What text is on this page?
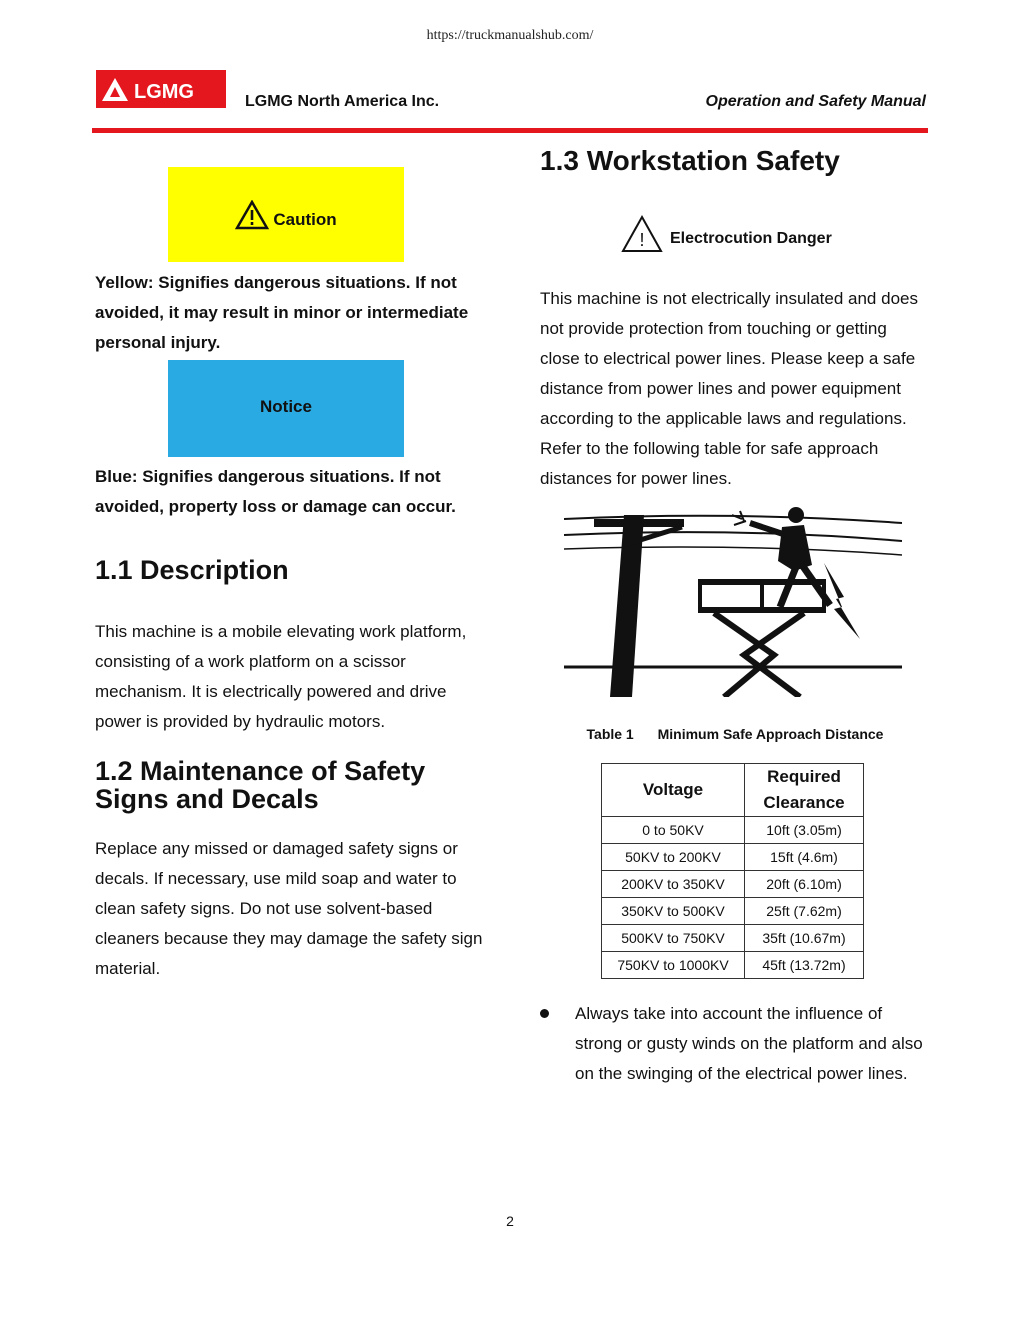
https://truckmanualshub.com/
LGMG	LGMG North America Inc.	Operation and Safety Manual
Caution
Yellow: Signifies dangerous situations. If not avoided, it may result in minor or intermediate personal injury.
Notice
Blue: Signifies dangerous situations. If not avoided, property loss or damage can occur.
1.1 Description
This machine is a mobile elevating work platform, consisting of a work platform on a scissor mechanism. It is electrically powered and drive power is provided by hydraulic motors.
1.2 Maintenance of Safety
Signs and Decals
Replace any missed or damaged safety signs or decals. If necessary, use mild soap and water to clean safety signs. Do not use solvent-based cleaners because they may damage the safety sign material.
1.3 Workstation Safety
! Electrocution Danger
This machine is not electrically insulated and does not provide protection from touching or getting close to electrical power lines. Please keep a safe distance from power lines and power equipment according to the applicable laws and regulations. Refer to the following table for safe approach distances for power lines.
Table 1 Minimum Safe Approach Distance
Voltage	Required Clearance
0 to 50KV	10ft (3.05m)
50KV to 200KV	15ft (4.6m)
200KV to 350KV	20ft (6.10m)
350KV to 500KV	25ft (7.62m)
500KV to 750KV	35ft (10.67m)
750KV to 1000KV	45ft (13.72m)
Always take into account the influence of strong or gusty winds on the platform and also on the swinging of the electrical power lines.
2
